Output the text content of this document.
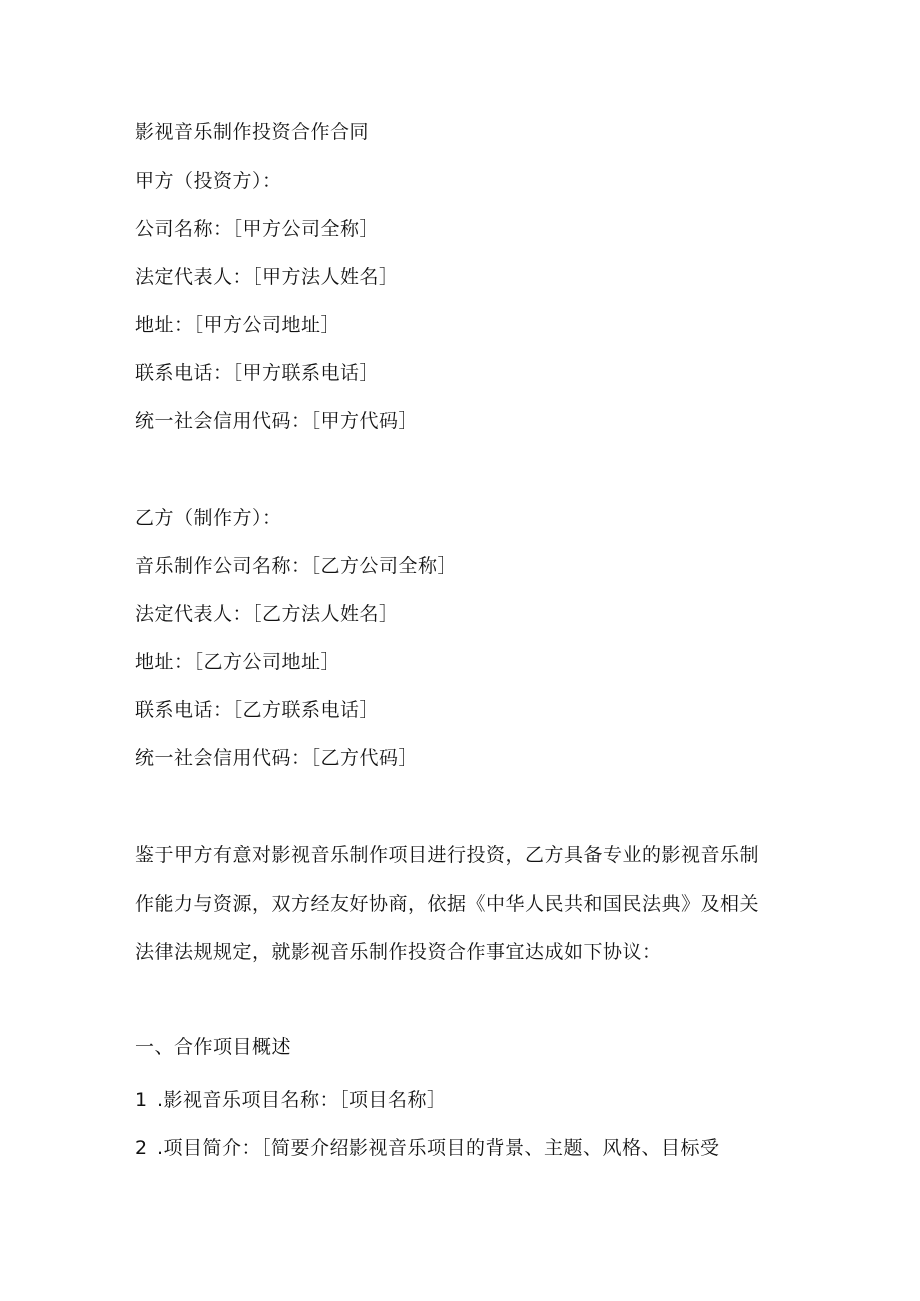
影视音乐制作投资合作合同
甲方（投资方）：
公司名称：［甲方公司全称］
法定代表人：［甲方法人姓名］
地址：［甲方公司地址］
联系电话：［甲方联系电话］
统一社会信用代码：［甲方代码］
乙方（制作方）：
音乐制作公司名称：［乙方公司全称］
法定代表人：［乙方法人姓名］
地址：［乙方公司地址］
联系电话：［乙方联系电话］
统一社会信用代码：［乙方代码］
鉴于甲方有意对影视音乐制作项目进行投资，乙方具备专业的影视音乐制
作能力与资源，双方经友好协商，依据《中华人民共和国民法典》及相关
法律法规规定，就影视音乐制作投资合作事宜达成如下协议：
一、合作项目概述
1 .影视音乐项目名称：［项目名称］
2 .项目简介：［简要介绍影视音乐项目的背景、主题、风格、目标受
